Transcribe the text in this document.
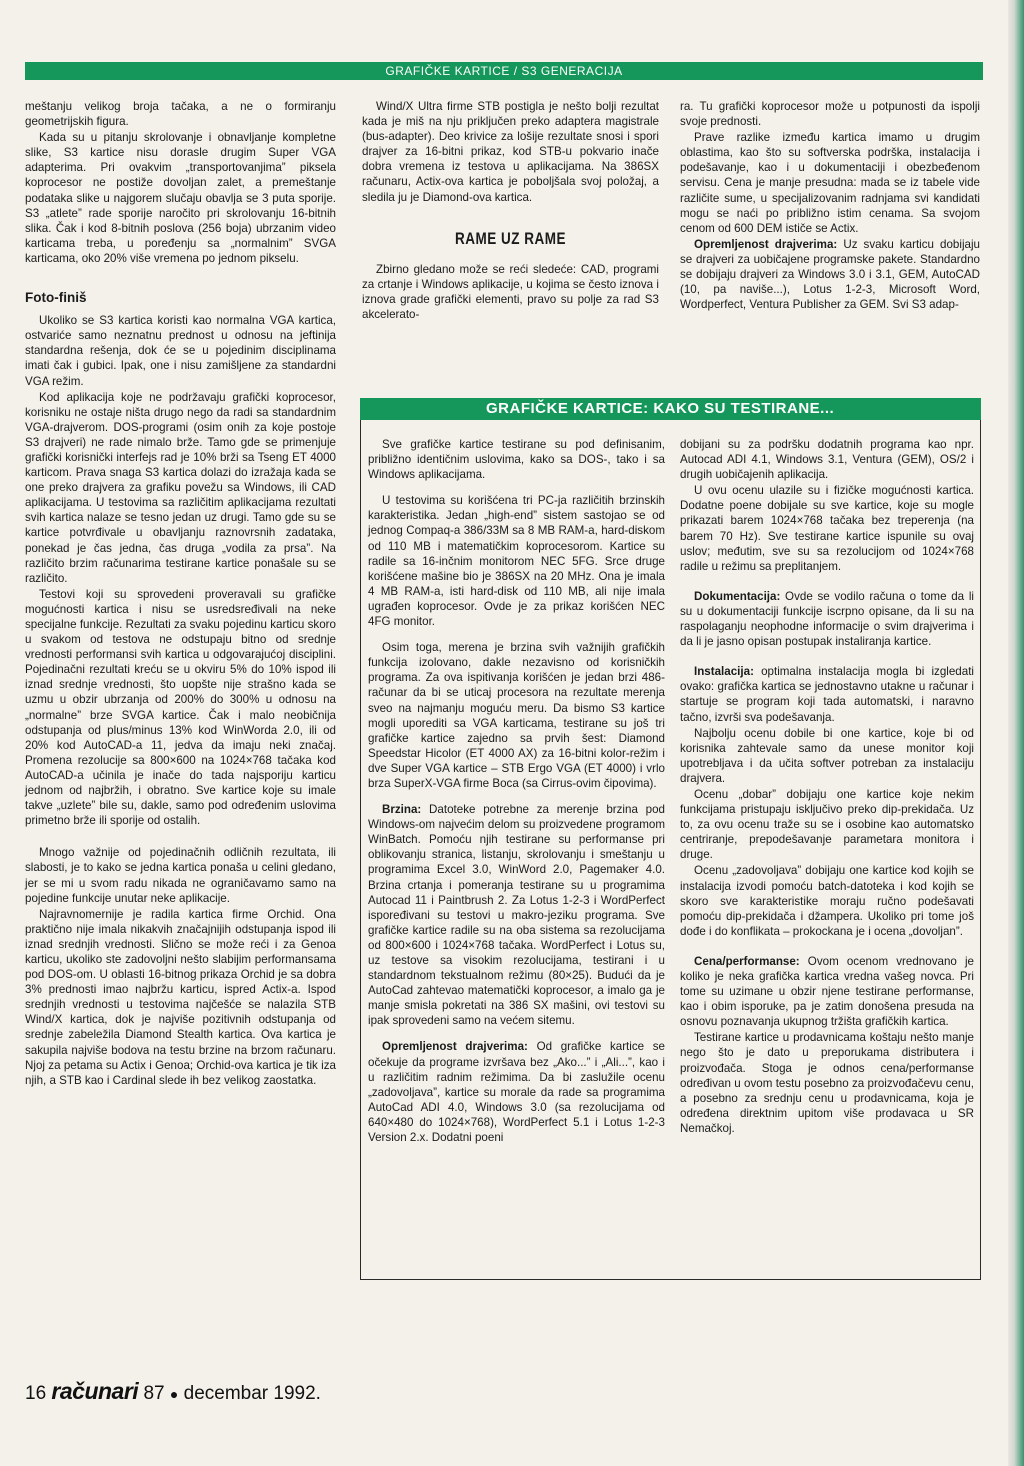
GRAFIČKE KARTICE / S3 GENERACIJA

meštanju velikog broja tačaka, a ne o formiranju geometrijskih figura.

Kada su u pitanju skrolovanje i obnavljanje kompletne slike, S3 kartice nisu dorasle drugim Super VGA adapterima. Pri ovakvim „transportovanjima” piksela koprocesor ne postiže dovoljan zalet, a premeštanje podataka slike u najgorem slučaju obavlja se 3 puta sporije. S3 „atlete” rade sporije naročito pri skrolovanju 16-bitnih slika. Čak i kod 8-bitnih poslova (256 boja) ubrzanim video karticama treba, u poređenju sa „normalnim” SVGA karticama, oko 20% više vremena po jednom pikselu.

Foto-finiš

Ukoliko se S3 kartica koristi kao normalna VGA kartica, ostvariće samo neznatnu prednost u odnosu na jeftinija standardna rešenja, dok će se u pojedinim disciplinama imati čak i gubici. Ipak, one i nisu zamišljene za standardni VGA režim.

Kod aplikacija koje ne podržavaju grafički koprocesor, korisniku ne ostaje ništa drugo nego da radi sa standardnim VGA-drajverom. DOS-programi (osim onih za koje postoje S3 drajveri) ne rade nimalo brže. Tamo gde se primenjuje grafički korisnički interfejs rad je 10% brži sa Tseng ET 4000 karticom. Prava snaga S3 kartica dolazi do izražaja kada se one preko drajvera za grafiku povežu sa Windows, ili CAD aplikacijama. U testovima sa različitim aplikacijama rezultati svih kartica nalaze se tesno jedan uz drugi. Tamo gde su se kartice potvrđivale u obavljanju raznovrsnih zadataka, ponekad je čas jedna, čas druga „vodila za prsa”. Na različito brzim računarima testirane kartice ponašale su se različito.

Testovi koji su sprovedeni proveravali su grafičke mogućnosti kartica i nisu se usredsređivali na neke specijalne funkcije. Rezultati za svaku pojedinu karticu skoro u svakom od testova ne odstupaju bitno od srednje vrednosti performansi svih kartica u odgovarajućoj disciplini. Pojedinačni rezultati kreću se u okviru 5% do 10% ispod ili iznad srednje vrednosti, što uopšte nije strašno kada se uzmu u obzir ubrzanja od 200% do 300% u odnosu na „normalne” brze SVGA kartice. Čak i malo neobičnija odstupanja od plus/minus 13% kod WinWorda 2.0, ili od 20% kod AutoCAD-a 11, jedva da imaju neki značaj. Promena rezolucije sa 800×600 na 1024×768 tačaka kod AutoCAD-a učinila je inače do tada najsporiju karticu jednom od najbržih, i obratno. Sve kartice koje su imale takve „uzlete” bile su, dakle, samo pod određenim uslovima primetno brže ili sporije od ostalih.

Mnogo važnije od pojedinačnih odličnih rezultata, ili slabosti, je to kako se jedna kartica ponaša u celini gledano, jer se mi u svom radu nikada ne ograničavamo samo na pojedine funkcije unutar neke aplikacije.

Najravnomernije je radila kartica firme Orchid. Ona praktično nije imala nikakvih značajnijih odstupanja ispod ili iznad srednjih vrednosti. Slično se može reći i za Genoa karticu, ukoliko ste zadovoljni nešto slabijim performansama pod DOS-om. U oblasti 16-bitnog prikaza Orchid je sa dobra 3% prednosti imao najbržu karticu, ispred Actix-a. Ispod srednjih vrednosti u testovima najčešće se nalazila STB Wind/X kartica, dok je najviše pozitivnih odstupanja od srednje zabeležila Diamond Stealth kartica. Ova kartica je sakupila najviše bodova na testu brzine na brzom računaru. Njoj za petama su Actix i Genoa; Orchid-ova kartica je tik iza njih, a STB kao i Cardinal slede ih bez velikog zaostatka.

Wind/X Ultra firme STB postigla je nešto bolji rezultat kada je miš na nju priključen preko adaptera magistrale (bus-adapter). Deo krivice za lošije rezultate snosi i spori drajver za 16-bitni prikaz, kod STB-u pokvario inače dobra vremena iz testova u aplikacijama. Na 386SX računaru, Actix-ova kartica je poboljšala svoj položaj, a sledila ju je Diamond-ova kartica.

RAME UZ RAME

Zbirno gledano može se reći sledeće: CAD, programi za crtanje i Windows aplikacije, u kojima se često iznova i iznova grade grafički elementi, pravo su polje za rad S3 akcelerato-

ra. Tu grafički koprocesor može u potpunosti da ispolji svoje prednosti.

Prave razlike između kartica imamo u drugim oblastima, kao što su softverska podrška, instalacija i podešavanje, kao i u dokumentaciji i obezbeđenom servisu. Cena je manje presudna: mada se iz tabele vide različite sume, u specijalizovanim radnjama svi kandidati mogu se naći po približno istim cenama. Sa svojom cenom od 600 DEM ističe se Actix.

Opremljenost drajverima: Uz svaku karticu dobijaju se drajveri za uobičajene programske pakete. Standardno se dobijaju drajveri za Windows 3.0 i 3.1, GEM, AutoCAD (10, pa naviše...), Lotus 1-2-3, Microsoft Word, Wordperfect, Ventura Publisher za GEM. Svi S3 adap-

GRAFIČKE KARTICE: KAKO SU TESTIRANE...

Sve grafičke kartice testirane su pod definisanim, približno identičnim uslovima, kako sa DOS-, tako i sa Windows aplikacijama.

U testovima su korišćena tri PC-ja različitih brzinskih karakteristika. Jedan „high-end” sistem sastojao se od jednog Compaq-a 386/33M sa 8 MB RAM-a, hard-diskom od 110 MB i matematičkim koprocesorom. Kartice su radile sa 16-inčnim monitorom NEC 5FG. Srce druge korišćene mašine bio je 386SX na 20 MHz. Ona je imala 4 MB RAM-a, isti hard-disk od 110 MB, ali nije imala ugrađen koprocesor. Ovde je za prikaz korišćen NEC 4FG monitor.

Osim toga, merena je brzina svih važnijih grafičkih funkcija izolovano, dakle nezavisno od korisničkih programa. Za ova ispitivanja korišćen je jedan brzi 486-računar da bi se uticaj procesora na rezultate merenja sveo na najmanju moguću meru. Da bismo S3 kartice mogli uporediti sa VGA karticama, testirane su još tri grafičke kartice zajedno sa prvih šest: Diamond Speedstar Hicolor (ET 4000 AX) za 16-bitni kolor-režim i dve Super VGA kartice – STB Ergo VGA (ET 4000) i vrlo brza SuperX-VGA firme Boca (sa Cirrus-ovim čipovima).

Brzina: Datoteke potrebne za merenje brzina pod Windows-om najvećim delom su proizvedene programom WinBatch. Pomoću njih testirane su performanse pri oblikovanju stranica, listanju, skrolovanju i smeštanju u programima Excel 3.0, WinWord 2.0, Pagemaker 4.0. Brzina crtanja i pomeranja testirane su u programima Autocad 11 i Paintbrush 2. Za Lotus 1-2-3 i WordPerfect ispoređivani su testovi u makro-jeziku programa. Sve grafičke kartice radile su na oba sistema sa rezolucijama od 800×600 i 1024×768 tačaka. WordPerfect i Lotus su, uz testove sa visokim rezolucijama, testirani i u standardnom tekstualnom režimu (80×25). Budući da je AutoCad zahtevao matematički koprocesor, a imalo ga je manje smisla pokretati na 386 SX mašini, ovi testovi su ipak sprovedeni samo na većem sitemu.

Opremljenost drajverima: Od grafičke kartice se očekuje da programe izvršava bez „Ako...” i „Ali...”, kao i u različitim radnim režimima. Da bi zaslužile ocenu „zadovoljava”, kartice su morale da rade sa programima AutoCad ADI 4.0, Windows 3.0 (sa rezolucijama od 640×480 do 1024×768), WordPerfect 5.1 i Lotus 1-2-3 Version 2.x. Dodatni poeni

dobijani su za podršku dodatnih programa kao npr. Autocad ADI 4.1, Windows 3.1, Ventura (GEM), OS/2 i drugih uobičajenih aplikacija.

U ovu ocenu ulazile su i fizičke mogućnosti kartica. Dodatne poene dobijale su sve kartice, koje su mogle prikazati barem 1024×768 tačaka bez treperenja (na barem 70 Hz). Sve testirane kartice ispunile su ovaj uslov; međutim, sve su sa rezolucijom od 1024×768 radile u režimu sa preplitanjem.

Dokumentacija: Ovde se vodilo računa o tome da li su u dokumentaciji funkcije iscrpno opisane, da li su na raspolaganju neophodne informacije o svim drajverima i da li je jasno opisan postupak instaliranja kartice.

Instalacija: optimalna instalacija mogla bi izgledati ovako: grafička kartica se jednostavno utakne u računar i startuje se program koji tada automatski, i naravno tačno, izvrši sva podešavanja.

Najbolju ocenu dobile bi one kartice, koje bi od korisnika zahtevale samo da unese monitor koji upotrebljava i da učita softver potreban za instalaciju drajvera.

Ocenu „dobar” dobijaju one kartice koje nekim funkcijama pristupaju isključivo preko dip-prekidača. Uz to, za ovu ocenu traže su se i osobine kao automatsko centriranje, prepodešavanje parametara monitora i druge.

Ocenu „zadovoljava” dobijaju one kartice kod kojih se instalacija izvodi pomoću batch-datoteka i kod kojih se skoro sve karakteristike moraju ručno podešavati pomoću dip-prekidača i džampera. Ukoliko pri tome još dođe i do konflikata – prokockana je i ocena „dovoljan”.

Cena/performanse: Ovom ocenom vrednovano je koliko je neka grafička kartica vredna vašeg novca. Pri tome su uzimane u obzir njene testirane performanse, kao i obim isporuke, pa je zatim donošena presuda na osnovu poznavanja ukupnog tržišta grafičkih kartica.

Testirane kartice u prodavnicama koštaju nešto manje nego što je dato u preporukama distributera i proizvođača. Stoga je odnos cena/performanse određivan u ovom testu posebno za proizvođačevu cenu, a posebno za srednju cenu u prodavnicama, koja je određena direktnim upitom više prodavaca u SR Nemačkoj.

16 računari 87 ● decembar 1992.
